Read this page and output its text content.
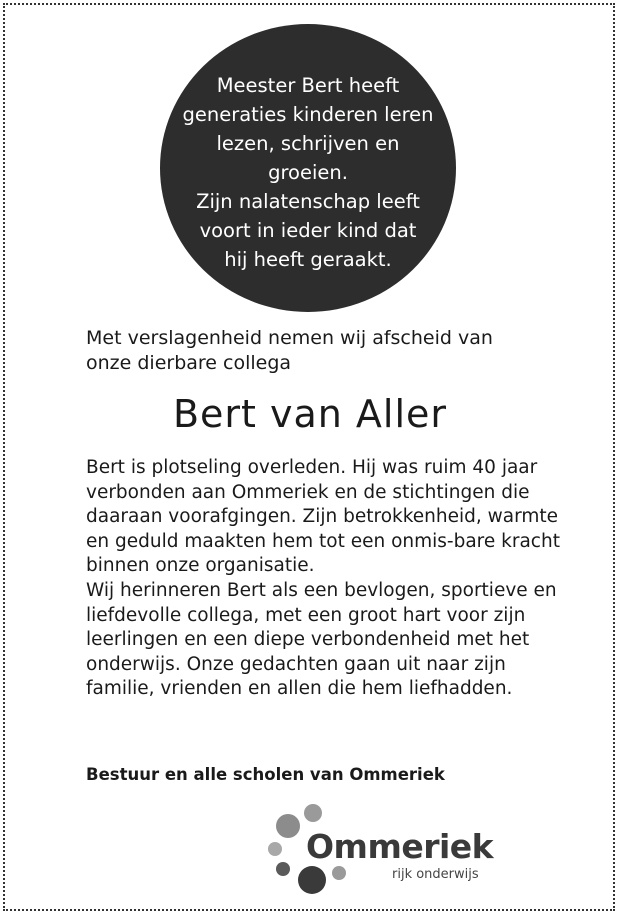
Meester Bert heeft
generaties kinderen leren
lezen, schrijven en groeien.
Zijn nalatenschap leeft
voort in ieder kind dat
hij heeft geraakt.
Met verslagenheid nemen wij afscheid van
onze dierbare collega
Bert van Aller

Bert is plotseling overleden. Hij was ruim 40 jaar verbonden aan Ommeriek en de stichtingen die daaraan voorafgingen. Zijn betrokkenheid, warmte en geduld maakten hem tot een onmis-bare kracht binnen onze organisatie.

Wij herinneren Bert als een bevlogen, sportieve en liefdevolle collega, met een groot hart voor zijn leerlingen en een diepe verbondenheid met het onderwijs. Onze gedachten gaan uit naar zijn familie, vrienden en allen die hem liefhadden.

Bestuur en alle scholen van Ommeriek
Ommeriek
rijk onderwijs
